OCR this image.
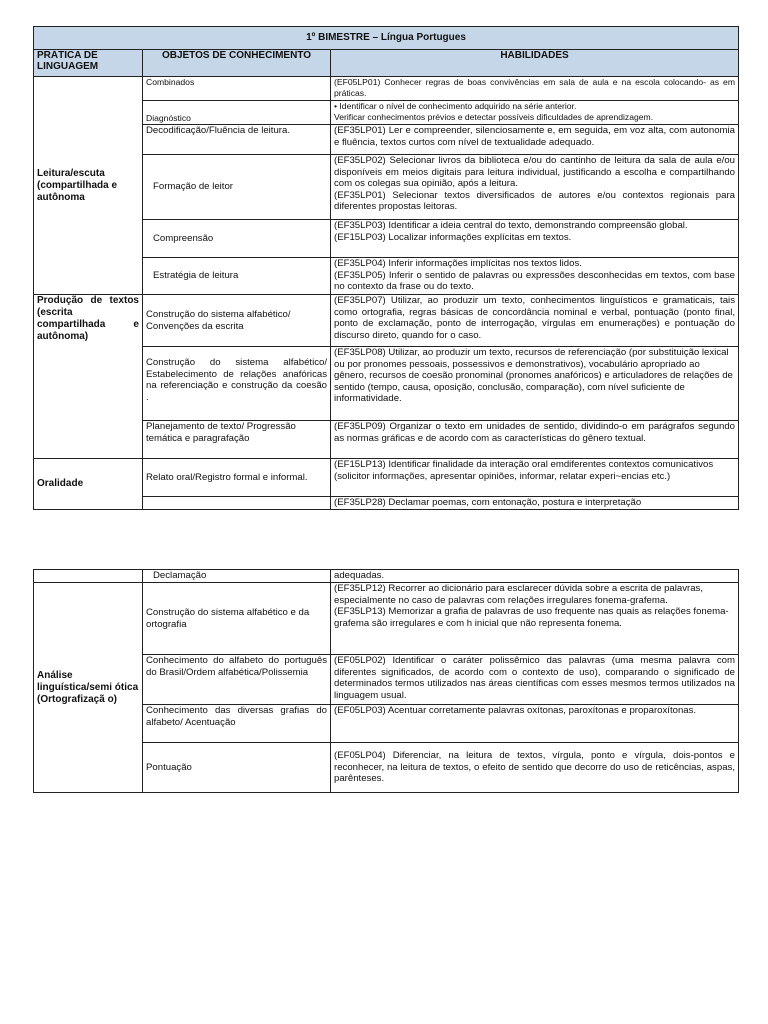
1º BIMESTRE – Língua Portugues		
PRÁTICA DE LINGUAGEM	OBJETOS DE CONHECIMENTO	HABILIDADES
Leitura/escuta (compartilhada e autônoma	Combinados	(EF05LP01) Conhecer regras de boas convivências em sala de aula e na escola colocando- as em práticas.
	Diagnóstico	• Identificar o nível de conhecimento adquirido na série anterior.
Verificar conhecimentos prévios e detectar possíveis dificuldades de aprendizagem.

	Decodificação/Fluência de leitura.	(EF35LP01) Ler e compreender, silenciosamente e, em seguida, em voz alta, com autonomia e fluência, textos curtos com nível de textualidade adequado.
	Formação de leitor	(EF35LP02) Selecionar livros da biblioteca e/ou do cantinho de leitura da sala de aula e/ou disponíveis em meios digitais para leitura individual, justificando a escolha e compartilhando com os colegas sua opinião, após a leitura.
(EF35LP01) Selecionar textos diversificados de autores e/ou contextos regionais para diferentes propostas leitoras.

	Compreensão	(EF35LP03) Identificar a ideia central do texto, demonstrando compreensão global.
(EF15LP03) Localizar informações explícitas em textos.

	Estratégia de leitura	(EF35LP04) Inferir informações implícitas nos textos lidos.
(EF35LP05) Inferir o sentido de palavras ou expressões desconhecidas em textos, com base no contexto da frase ou do texto.

Produção de textos (escrita compartilhada e autônoma)	Construção do sistema alfabético/ Convenções da escrita	(EF35LP07) Utilizar, ao produzir um texto, conhecimentos linguísticos e gramaticais, tais como ortografia, regras básicas de concordância nominal e verbal, pontuação (ponto final, ponto de exclamação, ponto de interrogação, vírgulas em enumerações) e pontuação do discurso direto, quando for o caso.
	Construção do sistema alfabético/ Estabelecimento de relações anafóricas na referenciação e construção da coesão .	(EF35LP08) Utilizar, ao produzir um texto, recursos de referenciação (por substituição lexical ou por pronomes pessoais, possessivos e demonstrativos), vocabulário apropriado ao gênero, recursos de coesão pronominal (pronomes anafóricos) e articuladores de relações de sentido (tempo, causa, oposição, conclusão, comparação), com nível suficiente de informatividade.
	Planejamento de texto/ Progressão temática e paragrafação	(EF35LP09) Organizar o texto em unidades de sentido, dividindo-o em parágrafos segundo as normas gráficas e de acordo com as características do gênero textual.
Oralidade	Relato oral/Registro formal e informal.	(EF15LP13) Identificar finalidade da interação oral emdiferentes contextos comunicativos (solicitor informações, apresentar opiniões, informar, relatar experi~encias etc.)
		(EF35LP28) Declamar poemas, com entonação, postura e interpretação
	Declamação	adequadas.
Análise linguística/semi ótica (Ortografizaçã o)	Construção do sistema alfabético e da ortografia	(EF35LP12) Recorrer ao dicionário para esclarecer dúvida sobre a escrita de palavras, especialmente no caso de palavras com relações irregulares fonema-grafema.
(EF35LP13) Memorizar a grafia de palavras de uso frequente nas quais as relações fonema-grafema são irregulares e com h inicial que não representa fonema.

	Conhecimento do alfabeto do português do Brasil/Ordem alfabética/Polissemia	(EF05LP02) Identificar o caráter polissêmico das palavras (uma mesma palavra com diferentes significados, de acordo com o contexto de uso), comparando o significado de determinados termos utilizados nas áreas científicas com esses mesmos termos utilizados na linguagem usual.
	Conhecimento das diversas grafias do alfabeto/ Acentuação	(EF05LP03) Acentuar corretamente palavras oxítonas, paroxítonas e proparoxítonas.
	Pontuação	(EF05LP04) Diferenciar, na leitura de textos, vírgula, ponto e vírgula, dois-pontos e reconhecer, na leitura de textos, o efeito de sentido que decorre do uso de reticências, aspas, parênteses.
